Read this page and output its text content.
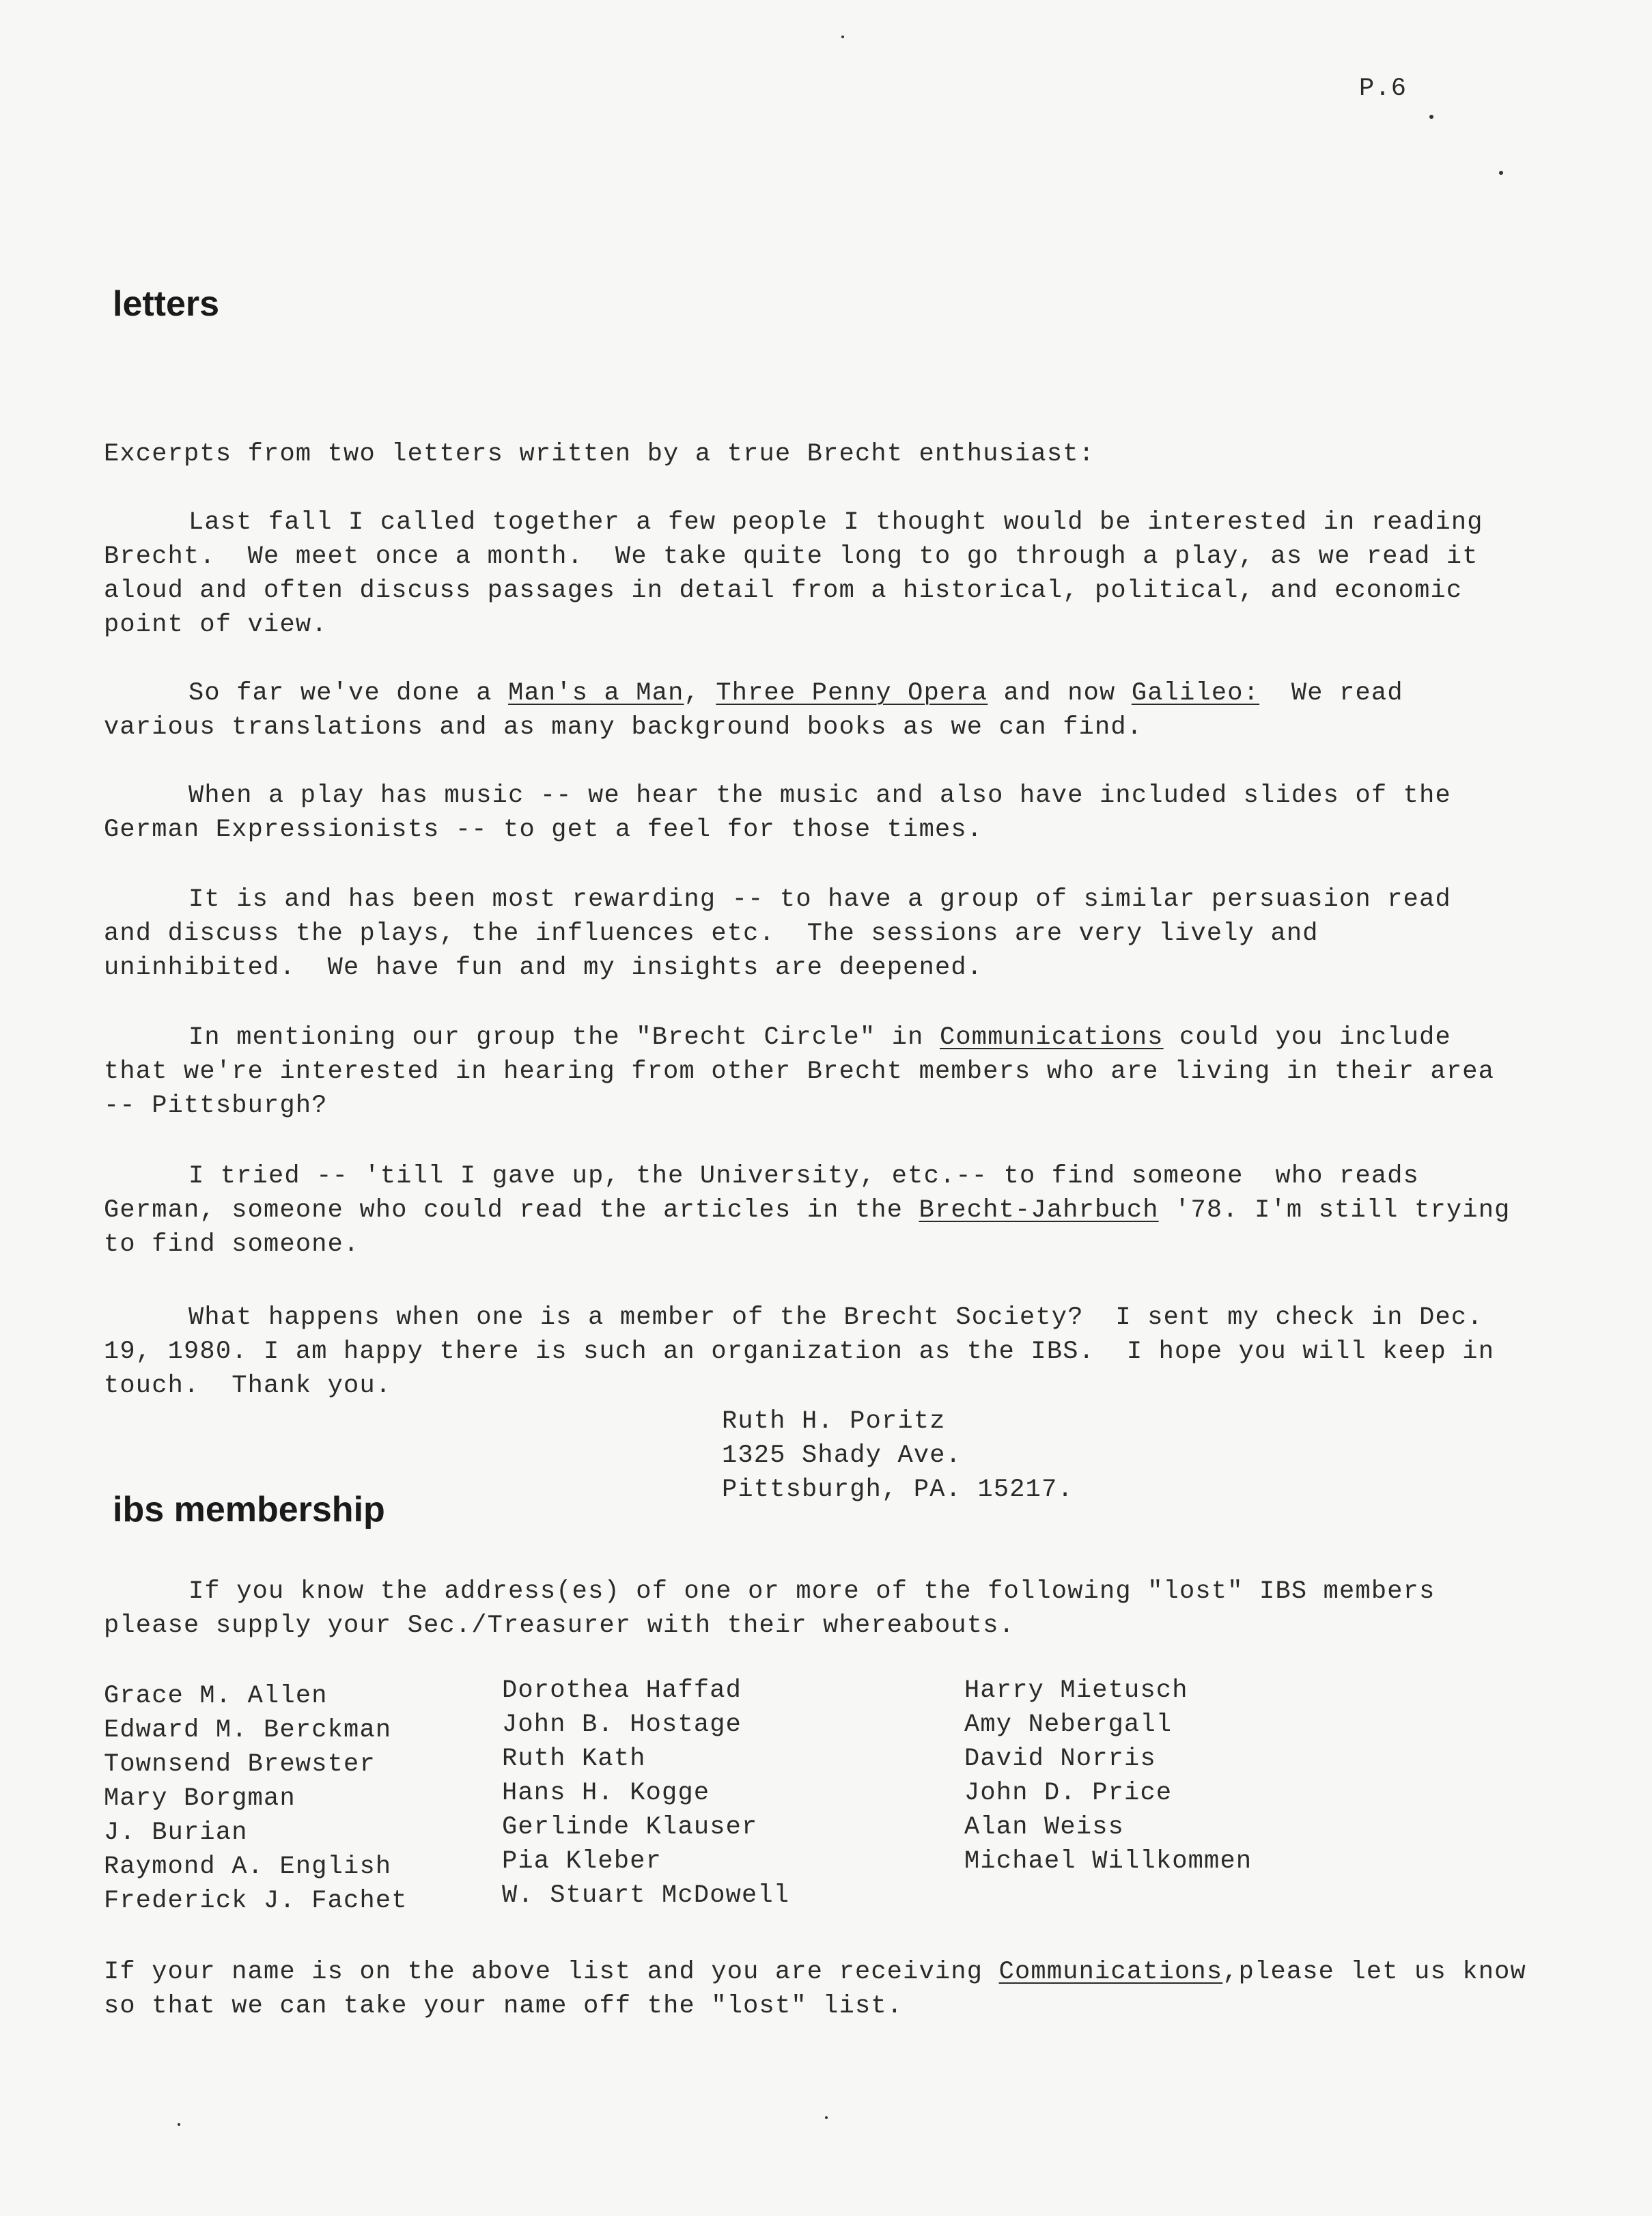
P.6
letters
Excerpts from two letters written by a true Brecht enthusiast:

Last fall I called together a few people I thought would be interested in reading Brecht.  We meet once a month.  We take quite long to go through a play, as we read it aloud and often discuss passages in detail from a historical, political, and economic point of view.

So far we've done a Man's a Man, Three Penny Opera and now Galileo:  We read various translations and as many background books as we can find.

When a play has music -- we hear the music and also have included slides of the German Expressionists -- to get a feel for those times.

It is and has been most rewarding -- to have a group of similar persuasion read and discuss the plays, the influences etc.  The sessions are very lively and uninhibited.  We have fun and my insights are deepened.

In mentioning our group the "Brecht Circle" in Communications could you include that we're interested in hearing from other Brecht members who are living in their area -- Pittsburgh?

I tried -- 'till I gave up, the University, etc.-- to find someone  who reads German, someone who could read the articles in the Brecht-Jahrbuch '78. I'm still trying to find someone.

What happens when one is a member of the Brecht Society?  I sent my check in Dec. 19, 1980. I am happy there is such an organization as the IBS.  I hope you will keep in touch.  Thank you.

Ruth H. Poritz
1325 Shady Ave.
Pittsburgh, PA. 15217.
ibs membership

If you know the address(es) of one or more of the following "lost" IBS members please supply your Sec./Treasurer with their whereabouts.

Grace M. Allen
Edward M. Berckman
Townsend Brewster
Mary Borgman
J. Burian
Raymond A. English
Frederick J. Fachet
Dorothea Haffad
John B. Hostage
Ruth Kath
Hans H. Kogge
Gerlinde Klauser
Pia Kleber
W. Stuart McDowell
Harry Mietusch
Amy Nebergall
David Norris
John D. Price
Alan Weiss
Michael Willkommen

If your name is on the above list and you are receiving Communications,please let us know so that we can take your name off the "lost" list.
